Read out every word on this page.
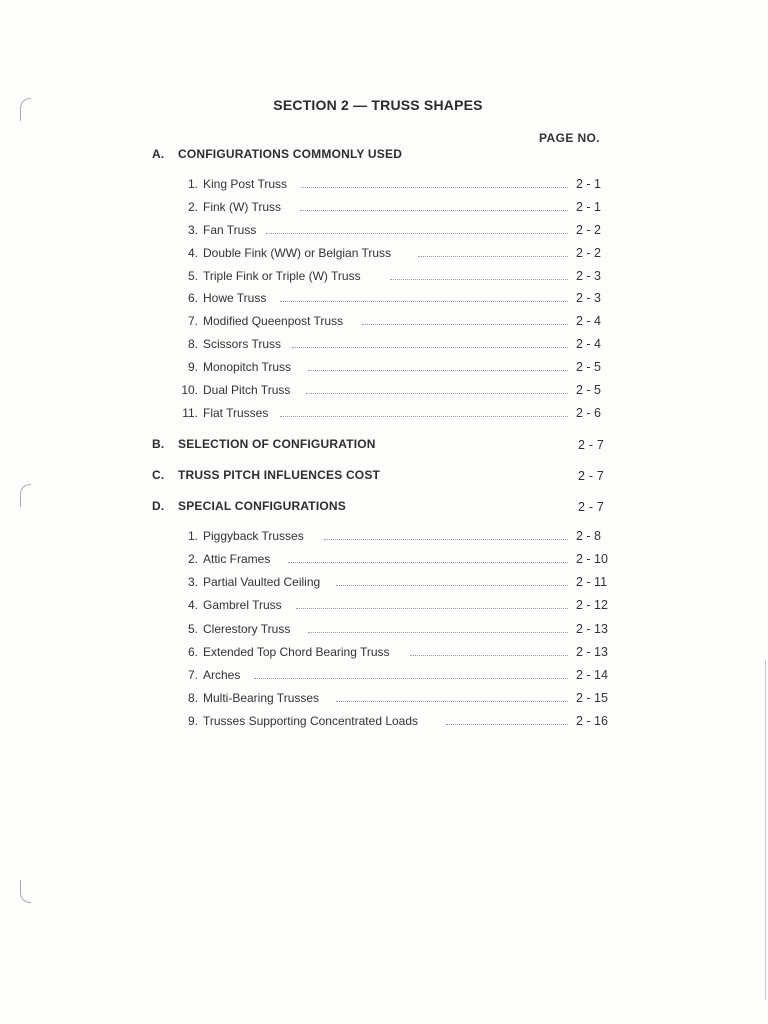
SECTION 2 — TRUSS SHAPES
PAGE NO.
A. CONFIGURATIONS COMMONLY USED
1. King Post Truss	2 - 1
2. Fink (W) Truss	2 - 1
3. Fan Truss	2 - 2
4. Double Fink (WW) or Belgian Truss	2 - 2
5. Triple Fink or Triple (W) Truss	2 - 3
6. Howe Truss	2 - 3
7. Modified Queenpost Truss	2 - 4
8. Scissors Truss	2 - 4
9. Monopitch Truss	2 - 5
10. Dual Pitch Truss	2 - 5
11. Flat Trusses	2 - 6
B. SELECTION OF CONFIGURATION	2 - 7
C. TRUSS PITCH INFLUENCES COST	2 - 7
D. SPECIAL CONFIGURATIONS	2 - 7
1. Piggyback Trusses	2 - 8
2. Attic Frames	2 - 10
3. Partial Vaulted Ceiling	2 - 11
4. Gambrel Truss	2 - 12
5. Clerestory Truss	2 - 13
6. Extended Top Chord Bearing Truss	2 - 13
7. Arches	2 - 14
8. Multi-Bearing Trusses	2 - 15
9. Trusses Supporting Concentrated Loads	2 - 16
